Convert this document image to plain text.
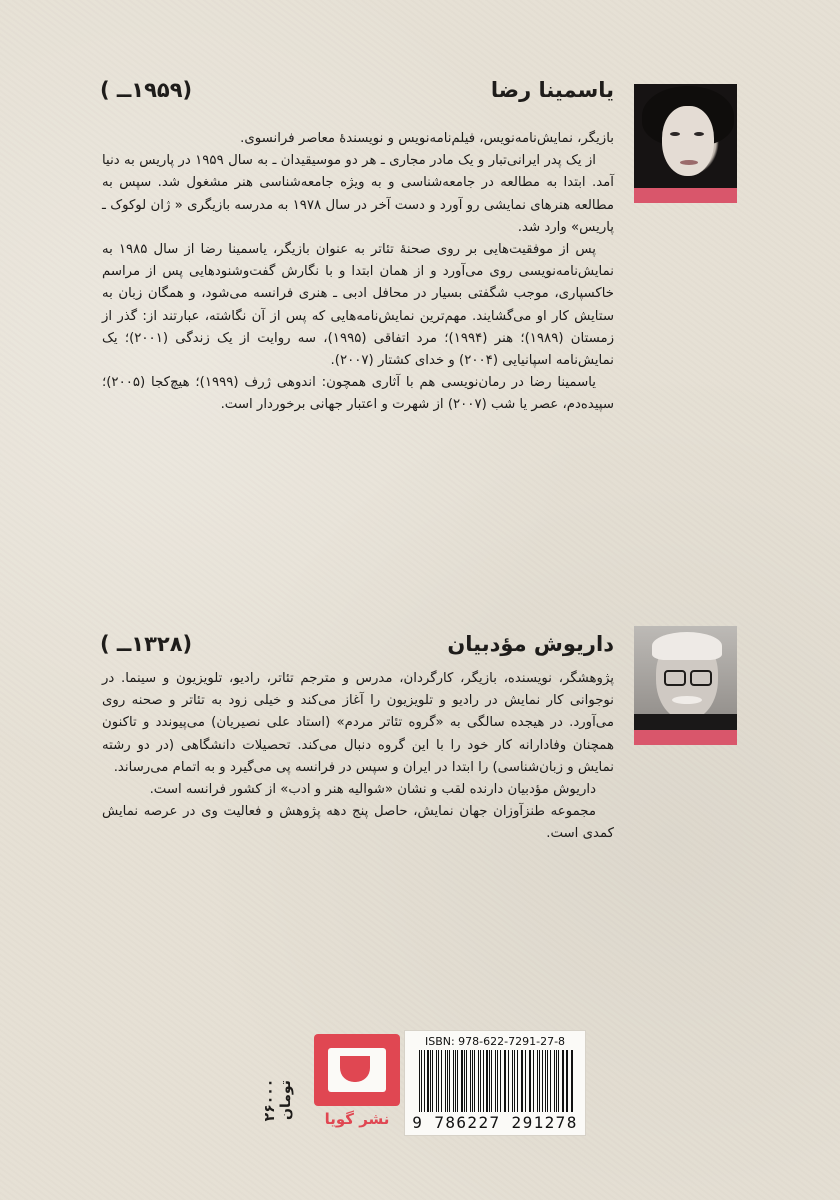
یاسمینا رضا
(۱۹۵۹ــ )

بازیگر، نمایش‌نامه‌نویس، فیلم‌نامه‌نویس و نویسندۀ معاصر فرانسوی.

از یک پدر ایرانی‌تبار و یک مادر مجاری ـ هر دو موسیقیدان ـ به سال ۱۹۵۹ در پاریس به دنیا آمد. ابتدا به مطالعه در جامعه‌شناسی و به ویژه جامعه‌شناسی هنر مشغول شد. سپس به مطالعه هنرهای نمایشی رو آورد و دست آخر در سال ۱۹۷۸ به مدرسه بازیگری « ژان لوکوک ـ پاریس» وارد شد.

پس از موفقیت‌هایی بر روی صحنۀ تئاتر به عنوان بازیگر، یاسمینا رضا از سال ۱۹۸۵ به نمایش‌نامه‌نویسی روی می‌آورد و از همان ابتدا و با نگارش گفت‌وشنودهایی پس از مراسم خاکسپاری، موجب شگفتی بسیار در محافل ادبی ـ هنری فرانسه می‌شود، و همگان زبان به ستایش کار او می‌گشایند. مهم‌ترین نمایش‌نامه‌هایی که پس از آن نگاشته، عبارتند از: گذر از زمستان (۱۹۸۹)؛ هنر (۱۹۹۴)؛ مرد اتفاقی (۱۹۹۵)، سه روایت از یک زندگی (۲۰۰۱)؛ یک نمایش‌نامه اسپانیایی (۲۰۰۴) و خدای کشتار (۲۰۰۷).

یاسمینا رضا در رمان‌نویسی هم با آثاری همچون: اندوهی ژرف (۱۹۹۹)؛ هیچ‌کجا (۲۰۰۵)؛ سپیده‌دم، عصر یا شب (۲۰۰۷) از شهرت و اعتبار جهانی برخوردار است.

داریوش مؤدبیان
(۱۳۲۸ــ )

پژوهشگر، نویسنده، بازیگر، کارگردان، مدرس و مترجم تئاتر، رادیو، تلویزیون و سینما. در نوجوانی کار نمایش در رادیو و تلویزیون را آغاز می‌کند و خیلی زود به تئاتر و صحنه روی می‌آورد. در هیجده سالگی به «گروه تئاتر مردم» (استاد علی نصیریان) می‌پیوندد و تاکنون همچنان وفادارانه کار خود را با این گروه دنبال می‌کند. تحصیلات دانشگاهی (در دو رشته نمایش و زبان‌شناسی) را ابتدا در ایران و سپس در فرانسه پی می‌گیرد و به اتمام می‌رساند.

داریوش مؤدبیان دارنده لقب و نشان «شوالیه هنر و ادب» از کشور فرانسه است.

مجموعه طنزآوزان جهان نمایش، حاصل پنج دهه پژوهش و فعالیت وی در عرصه نمایش کمدی است.

۲۶۰۰۰ تومان	نشر گویا
ISBN: 978-622-7291-27-8
9 786227 291278
